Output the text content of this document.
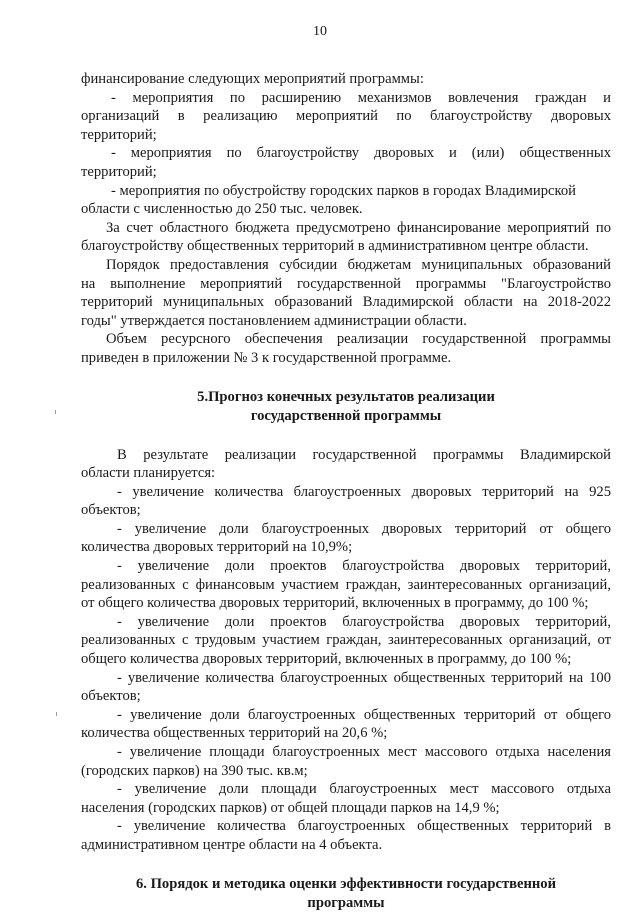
10
финансирование следующих мероприятий программы:
- мероприятия по расширению механизмов вовлечения граждан и
организаций в реализацию мероприятий по благоустройству дворовых
территорий;
- мероприятия по благоустройству дворовых и (или) общественных
территорий;
- мероприятия по обустройству городских парков в городах Владимирской
области с численностью до 250 тыс. человек.
За счет областного бюджета предусмотрено финансирование мероприятий по
благоустройству общественных территорий в административном центре области.
Порядок предоставления субсидии бюджетам муниципальных образований
на выполнение мероприятий государственной программы "Благоустройство
территорий муниципальных образований Владимирской области на 2018-2022
годы" утверждается постановлением администрации области.
Объем ресурсного обеспечения реализации государственной программы
приведен в приложении № 3 к государственной программе.
5.Прогноз конечных результатов реализации
государственной программы
В результате реализации государственной программы Владимирской
области планируется:
- увеличение количества благоустроенных дворовых территорий на 925
объектов;
- увеличение доли благоустроенных дворовых территорий от общего
количества дворовых территорий на 10,9%;
- увеличение доли проектов благоустройства дворовых территорий,
реализованных с финансовым участием граждан, заинтересованных организаций,
от общего количества дворовых территорий, включенных в программу, до 100 %;
- увеличение доли проектов благоустройства дворовых территорий,
реализованных с трудовым участием граждан, заинтересованных организаций, от
общего количества дворовых территорий, включенных в программу, до 100 %;
- увеличение количества благоустроенных общественных территорий на 100
объектов;
- увеличение доли благоустроенных общественных территорий от общего
количества общественных территорий на 20,6 %;
- увеличение площади благоустроенных мест массового отдыха населения
(городских парков) на 390 тыс. кв.м;
- увеличение доли площади благоустроенных мест массового отдыха
населения (городских парков) от общей площади парков на 14,9 %;
- увеличение количества благоустроенных общественных территорий в
административном центре области на 4 объекта.
6. Порядок и методика оценки эффективности государственной
программы
